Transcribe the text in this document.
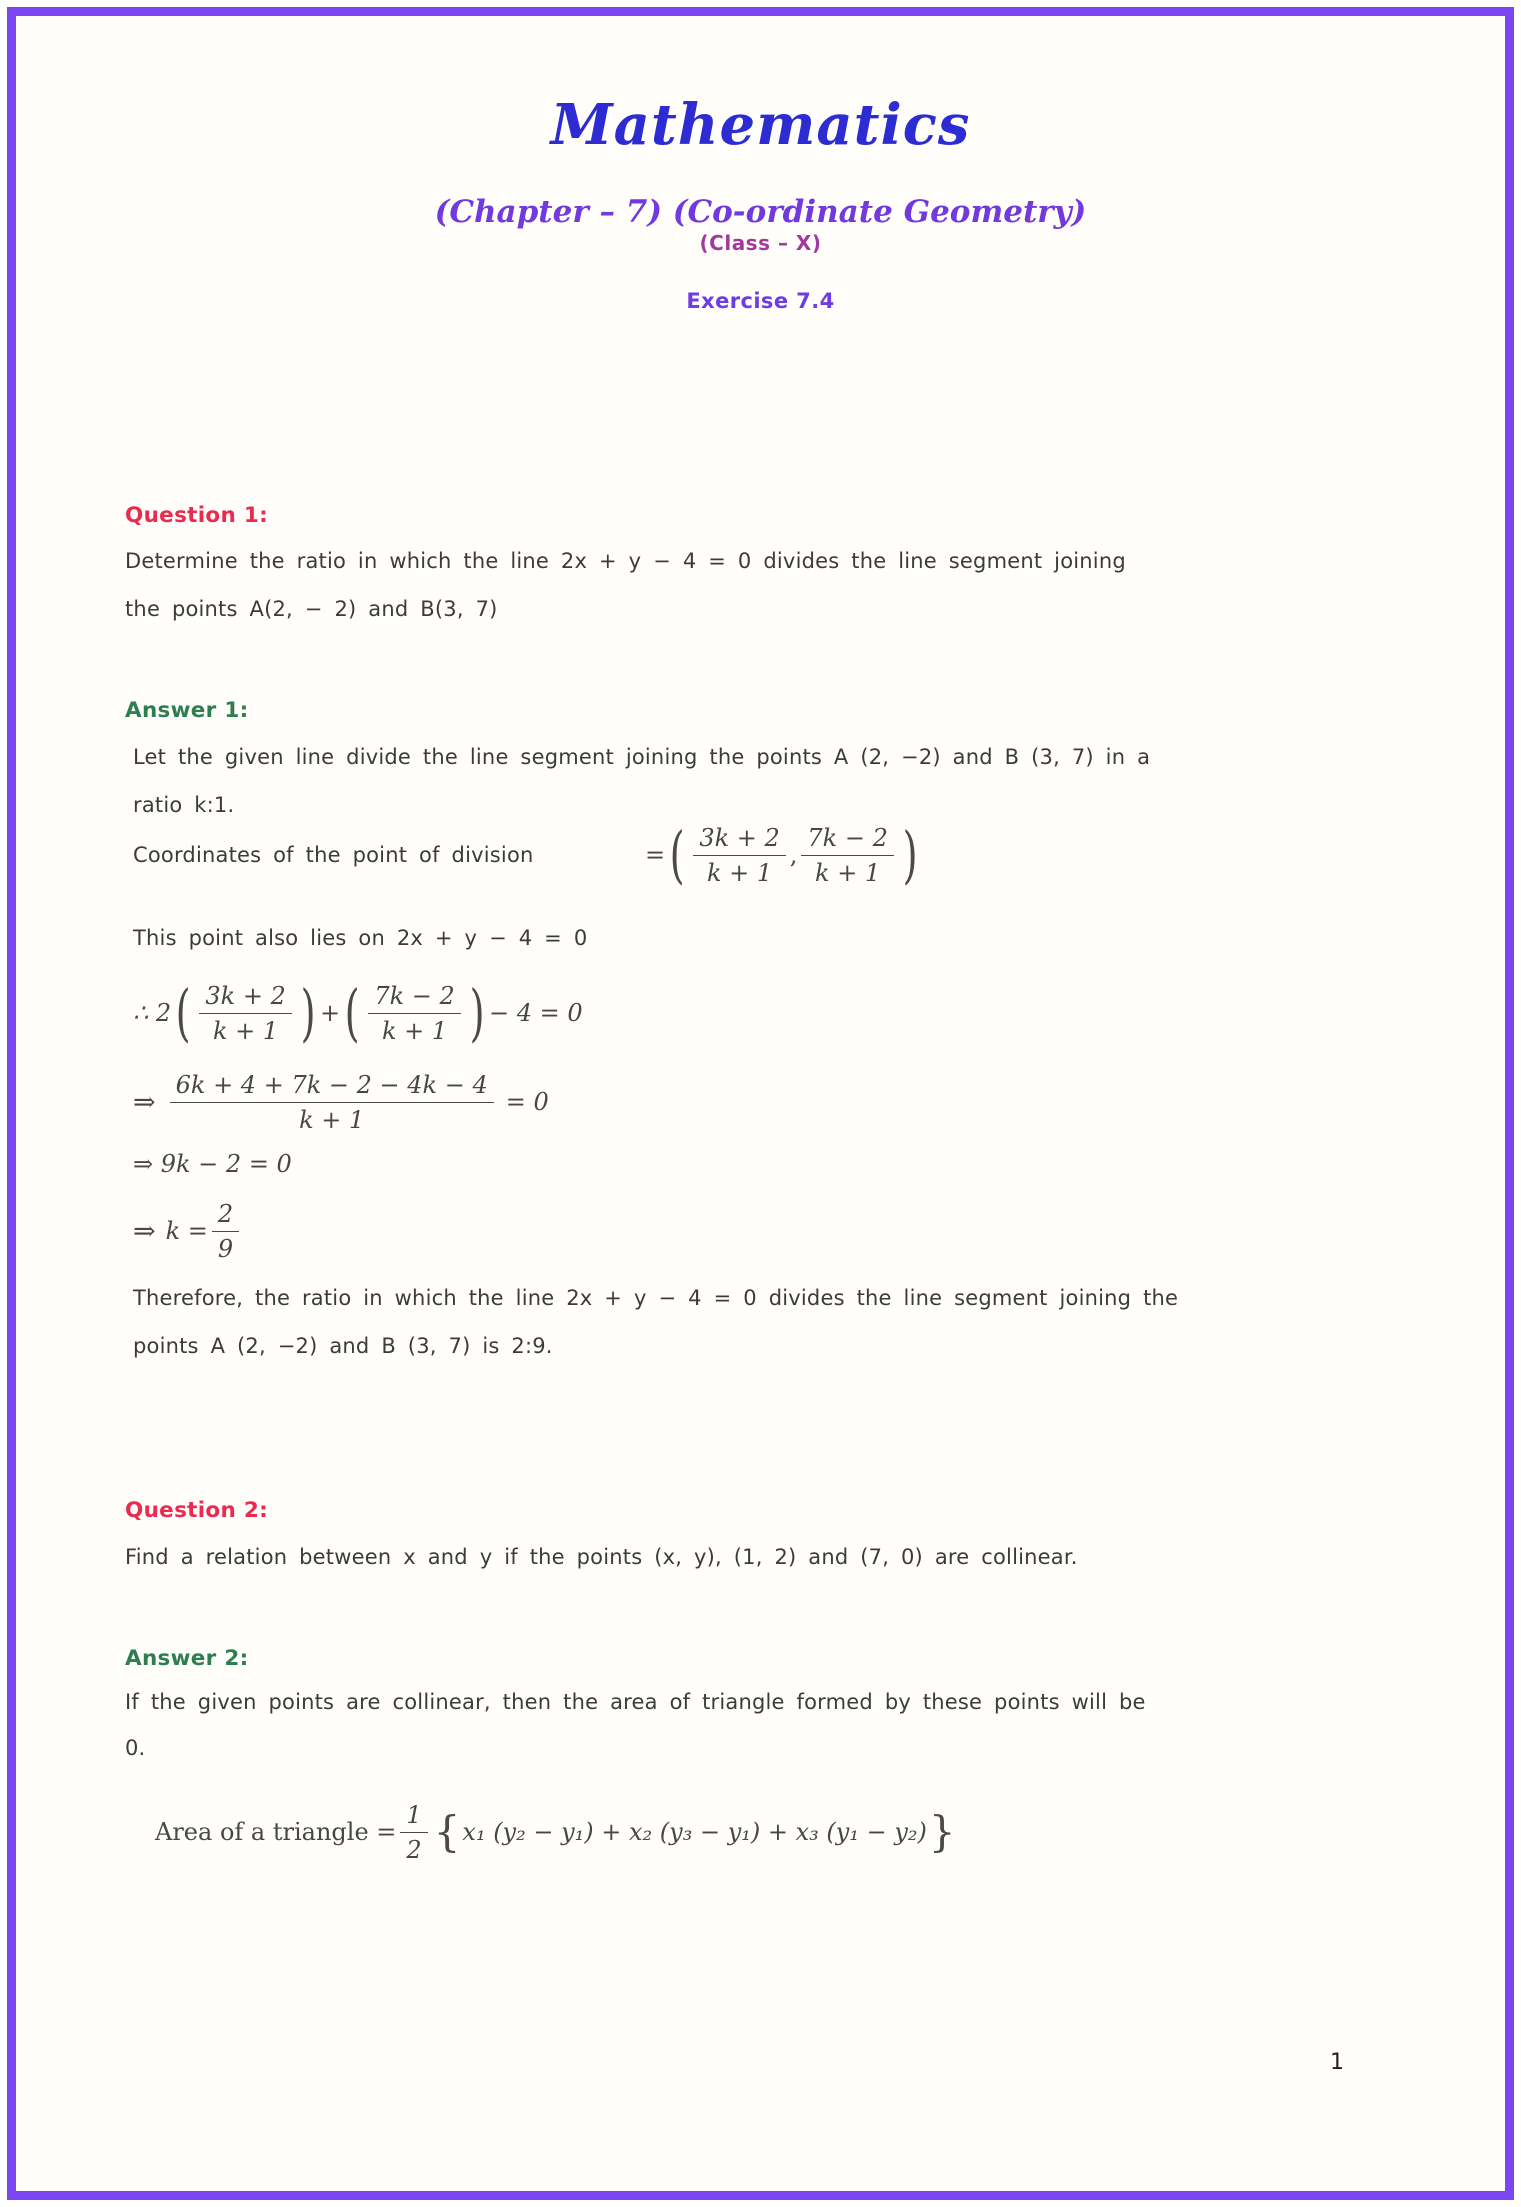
Mathematics
(Chapter – 7) (Co-ordinate Geometry)
(Class – X)
Exercise 7.4
Question 1:
Determine the ratio in which the line 2x + y − 4 = 0 divides the line segment joining
the points A(2, − 2) and B(3, 7)
Answer 1:
Let the given line divide the line segment joining the points A (2, −2) and B (3, 7) in a
ratio k:1.
Coordinates of the point of division	= ( $\frac{3k + 2}{k + 1}$ , $\frac{7k - 2}{k + 1}$ )
This point also lies on 2x + y − 4 = 0
∴ 2 ( $\frac{3k + 2}{k + 1}$ ) + ( $\frac{7k - 2}{k + 1}$ ) − 4 = 0
⇒ $\frac{6k + 4 + 7k - 2 - 4k - 4}{k + 1} = 0$
⇒ 9k − 2 = 0
⇒ $k = \frac{2}{9}$
Therefore, the ratio in which the line 2x + y − 4 = 0 divides the line segment joining the
points A (2, −2) and B (3, 7) is 2:9.
Question 2:
Find a relation between x and y if the points (x, y), (1, 2) and (7, 0) are collinear.
Answer 2:
If the given points are collinear, then the area of triangle formed by these points will be
0.
Area of a triangle = $\frac{1}{2}$ { x₁ (y₂ − y₁) + x₂ (y₃ − y₁) + x₃ (y₁ − y₂) }
1
